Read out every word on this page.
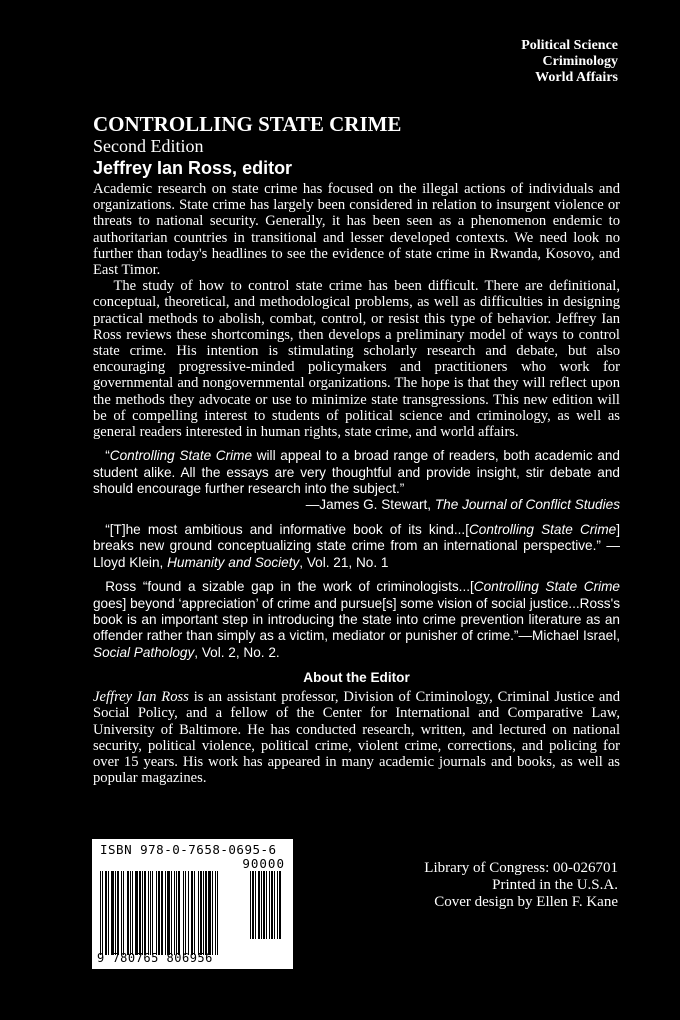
Political Science
Criminology
World Affairs

CONTROLLING STATE CRIME

Second Edition

Jeffrey Ian Ross, editor

Academic research on state crime has focused on the illegal actions of individuals and organizations. State crime has largely been considered in relation to insurgent violence or threats to national security. Generally, it has been seen as a phenomenon endemic to authoritarian countries in transitional and lesser developed contexts. We need look no further than today's headlines to see the evidence of state crime in Rwanda, Kosovo, and East Timor.

The study of how to control state crime has been difficult. There are definitional, conceptual, theoretical, and methodological problems, as well as difficulties in designing practical methods to abolish, combat, control, or resist this type of behavior. Jeffrey Ian Ross reviews these shortcomings, then develops a preliminary model of ways to control state crime. His intention is stimulating scholarly research and debate, but also encouraging progressive-minded policymakers and practitioners who work for governmental and nongovernmental organizations. The hope is that they will reflect upon the methods they advocate or use to minimize state transgressions. This new edition will be of compelling interest to students of political science and criminology, as well as general readers interested in human rights, state crime, and world affairs.

“Controlling State Crime will appeal to a broad range of readers, both academic and student alike. All the essays are very thoughtful and provide insight, stir debate and should encourage further research into the subject.”
—James G. Stewart, The Journal of Conflict Studies

“[T]he most ambitious and informative book of its kind...[Controlling State Crime] breaks new ground conceptualizing state crime from an international perspective.” —Lloyd Klein, Humanity and Society, Vol. 21, No. 1

Ross “found a sizable gap in the work of criminologists...[Controlling State Crime goes] beyond ‘appreciation’ of crime and pursue[s] some vision of social justice...Ross's book is an important step in introducing the state into crime prevention literature as an offender rather than simply as a victim, mediator or punisher of crime.”—Michael Israel, Social Pathology, Vol. 2, No. 2.

About the Editor

Jeffrey Ian Ross is an assistant professor, Division of Criminology, Criminal Justice and Social Policy, and a fellow of the Center for International and Comparative Law, University of Baltimore. He has conducted research, written, and lectured on national security, political violence, political crime, violent crime, corrections, and policing for over 15 years. His work has appeared in many academic journals and books, as well as popular magazines.

ISBN 978-0-7658-0695-6
90000
9 780765 806956
Library of Congress: 00-026701
Printed in the U.S.A.
Cover design by Ellen F. Kane
